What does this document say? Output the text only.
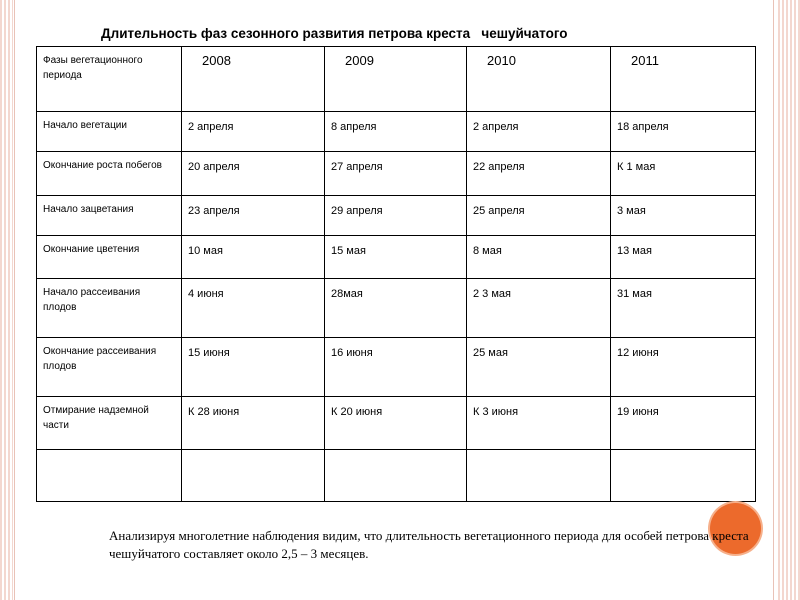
Длительность фаз сезонного развития петрова креста   чешуйчатого
Фазы вегетационного периода	2008	2009	2010	2011
Начало вегетации	2 апреля	8 апреля	2 апреля	18 апреля
Окончание роста побегов	20 апреля	27 апреля	22 апреля	К 1 мая
Начало зацветания	23 апреля	29 апреля	25 апреля	3 мая
Окончание цветения	10 мая	15 мая	8 мая	13 мая
Начало рассеивания плодов	4 июня	28мая	2 3 мая	31 мая
Окончание рассеивания плодов	15 июня	16 июня	25 мая	12 июня
Отмирание надземной части	К 28 июня	К 20 июня	К 3 июня	19 июня

Анализируя многолетние наблюдения видим, что длительность вегетационного периода для особей петрова креста чешуйчатого составляет около 2,5 – 3 месяцев.
